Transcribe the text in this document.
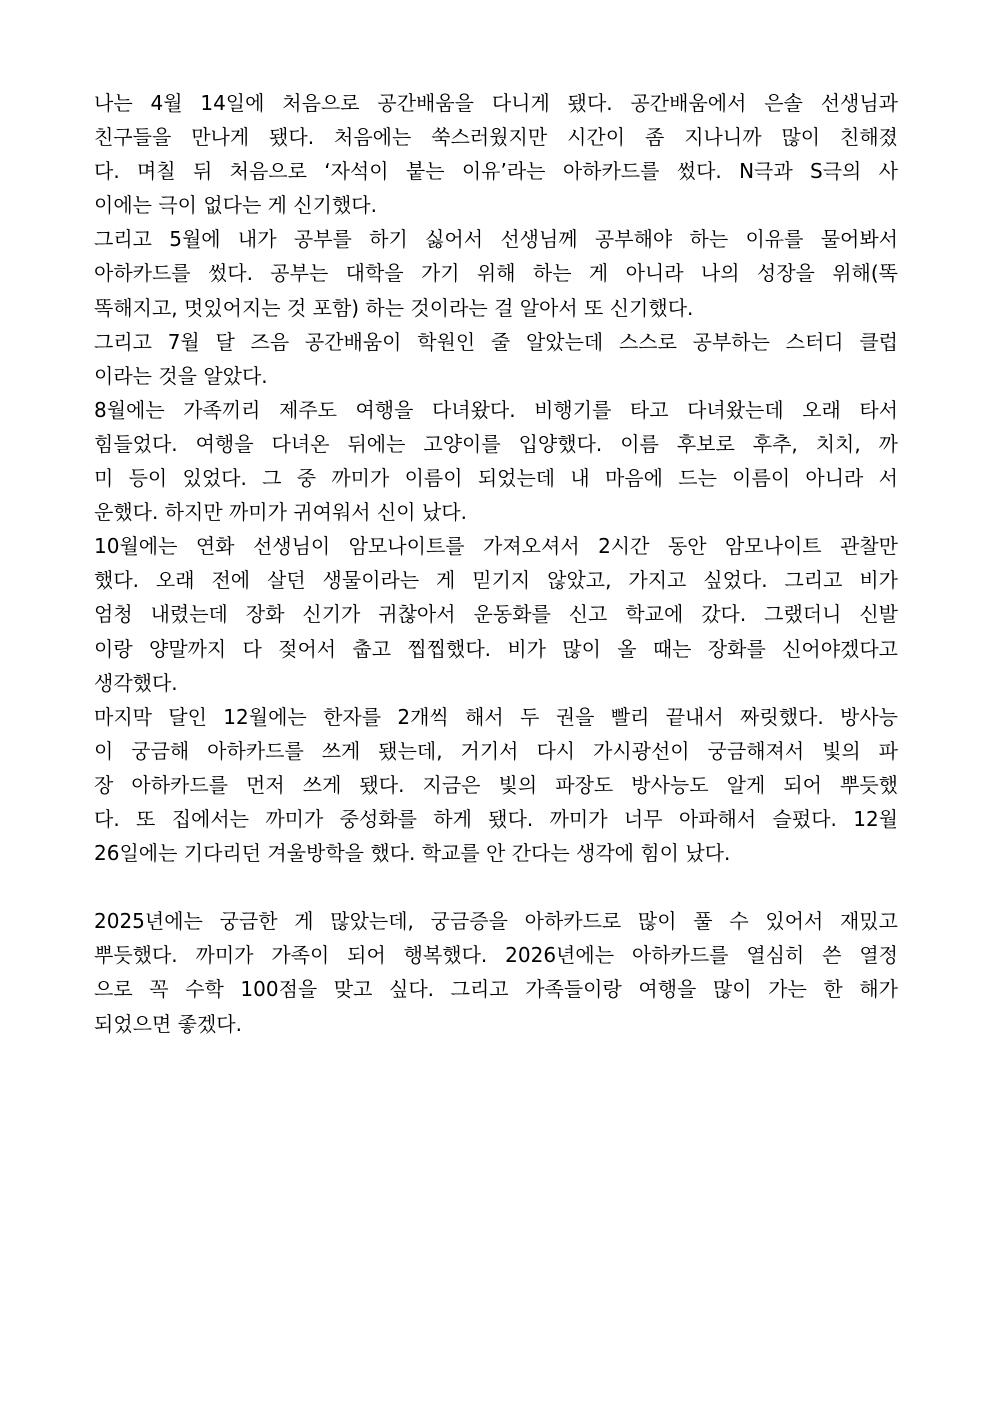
나는 4월 14일에 처음으로 공간배움을 다니게 됐다. 공간배움에서 은솔 선생님과
친구들을 만나게 됐다. 처음에는 쑥스러웠지만 시간이 좀 지나니까 많이 친해졌
다. 며칠 뒤 처음으로 ‘자석이 붙는 이유’라는 아하카드를 썼다. N극과 S극의 사
이에는 극이 없다는 게 신기했다.
그리고 5월에 내가 공부를 하기 싫어서 선생님께 공부해야 하는 이유를 물어봐서
아하카드를 썼다. 공부는 대학을 가기 위해 하는 게 아니라 나의 성장을 위해(똑
똑해지고, 멋있어지는 것 포함) 하는 것이라는 걸 알아서 또 신기했다.
그리고 7월 달 즈음 공간배움이 학원인 줄 알았는데 스스로 공부하는 스터디 클럽
이라는 것을 알았다.
8월에는 가족끼리 제주도 여행을 다녀왔다. 비행기를 타고 다녀왔는데 오래 타서
힘들었다. 여행을 다녀온 뒤에는 고양이를 입양했다. 이름 후보로 후추, 치치, 까
미 등이 있었다. 그 중 까미가 이름이 되었는데 내 마음에 드는 이름이 아니라 서
운했다. 하지만 까미가 귀여워서 신이 났다.
10월에는 연화 선생님이 암모나이트를 가져오셔서 2시간 동안 암모나이트 관찰만
했다. 오래 전에 살던 생물이라는 게 믿기지 않았고, 가지고 싶었다. 그리고 비가
엄청 내렸는데 장화 신기가 귀찮아서 운동화를 신고 학교에 갔다. 그랬더니 신발
이랑 양말까지 다 젖어서 춥고 찝찝했다. 비가 많이 올 때는 장화를 신어야겠다고
생각했다.
마지막 달인 12월에는 한자를 2개씩 해서 두 권을 빨리 끝내서 짜릿했다. 방사능
이 궁금해 아하카드를 쓰게 됐는데, 거기서 다시 가시광선이 궁금해져서 빛의 파
장 아하카드를 먼저 쓰게 됐다. 지금은 빛의 파장도 방사능도 알게 되어 뿌듯했
다. 또 집에서는 까미가 중성화를 하게 됐다. 까미가 너무 아파해서 슬펐다. 12월
26일에는 기다리던 겨울방학을 했다. 학교를 안 간다는 생각에 힘이 났다.
2025년에는 궁금한 게 많았는데, 궁금증을 아하카드로 많이 풀 수 있어서 재밌고
뿌듯했다. 까미가 가족이 되어 행복했다. 2026년에는 아하카드를 열심히 쓴 열정
으로 꼭 수학 100점을 맞고 싶다. 그리고 가족들이랑 여행을 많이 가는 한 해가
되었으면 좋겠다.
